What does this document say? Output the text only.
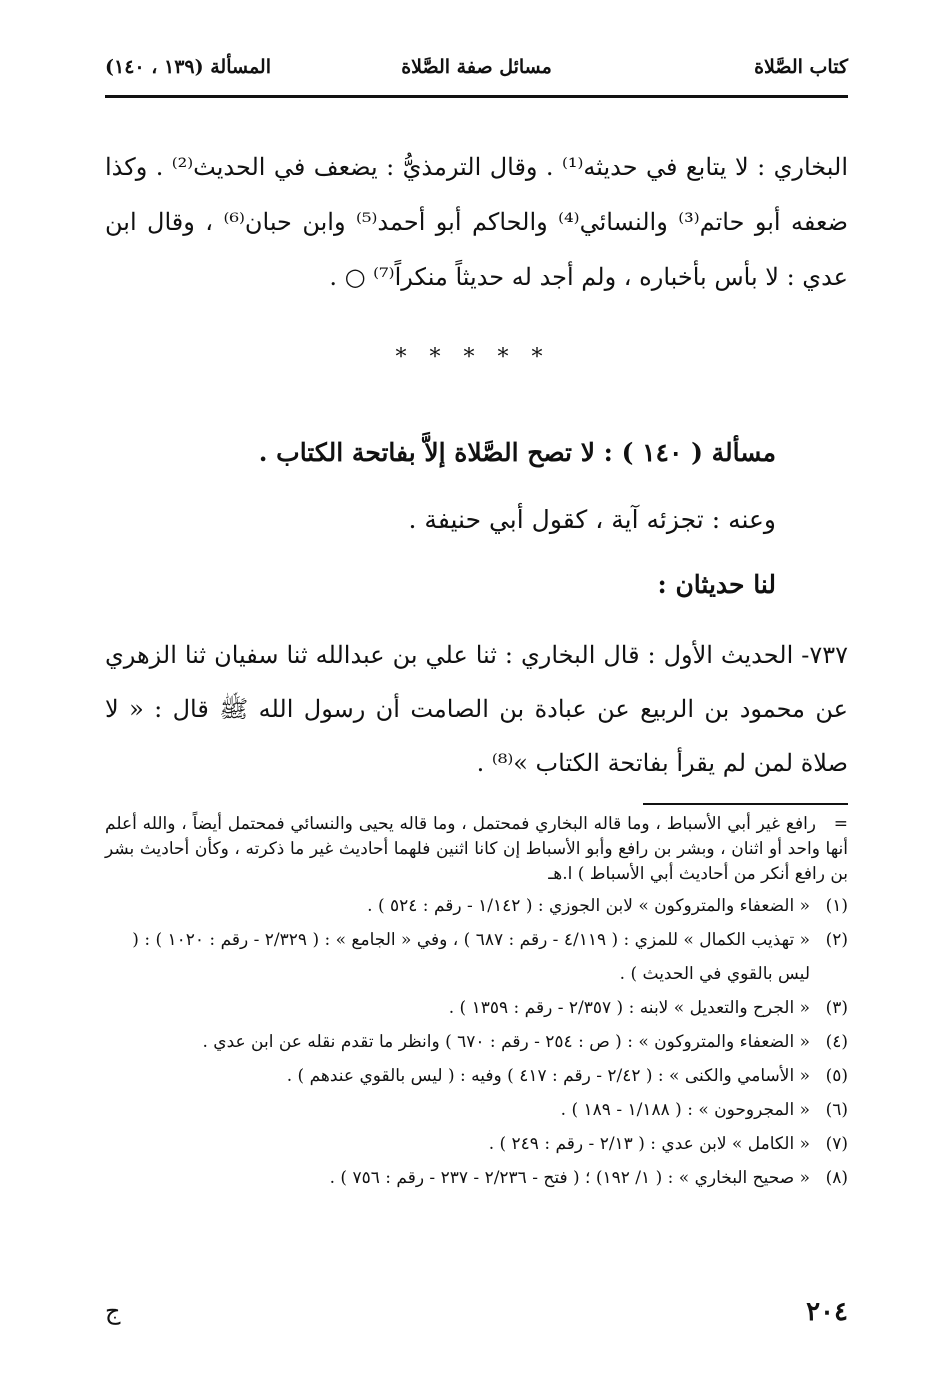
كتاب الصَّلاة
مسائل صفة الصَّلاة
المسألة (١٣٩ ، ١٤٠)
البخاري : لا يتابع في حديثه⁽¹⁾ . وقال الترمذيُّ : يضعف في الحديث⁽²⁾ . وكذا ضعفه أبو حاتم⁽³⁾ والنسائي⁽⁴⁾ والحاكم أبو أحمد⁽⁵⁾ وابن حبان⁽⁶⁾ ، وقال ابن عدي : لا بأس بأخباره ، ولم أجد له حديثاً منكراً⁽⁷⁾ ○ .
* * * * *
مسألة ( ١٤٠ ) : لا تصح الصَّلاة إلاَّ بفاتحة الكتاب .
وعنه : تجزئه آية ، كقول أبي حنيفة .
لنا حديثان :
٧٣٧- الحديث الأول : قال البخاري : ثنا علي بن عبدالله ثنا سفيان ثنا الزهري عن محمود بن الربيع عن عبادة بن الصامت أن رسول الله ﷺ قال : « لا صلاة لمن لم يقرأ بفاتحة الكتاب »⁽⁸⁾ .

=رافع غير أبي الأسباط ، وما قاله البخاري فمحتمل ، وما قاله يحيى والنسائي فمحتمل أيضاً ، والله أعلم أنها واحد أو اثنان ، وبشر بن رافع وأبو الأسباط إن كانا اثنين فلهما أحاديث غير ما ذكرته ، وكأن أحاديث بشر بن رافع أنكر من أحاديث أبي الأسباط ) ا.هـ

(١)
« الضعفاء والمتروكون » لابن الجوزي : ( ١/١٤٢ - رقم : ٥٢٤ ) .

(٢)
« تهذيب الكمال » للمزي : ( ٤/١١٩ - رقم : ٦٨٧ ) ، وفي « الجامع » : ( ٢/٣٢٩ - رقم : ١٠٢٠ ) : ( ليس بالقوي في الحديث ) .

(٣)
« الجرح والتعديل » لابنه : ( ٢/٣٥٧ - رقم : ١٣٥٩ ) .

(٤)
« الضعفاء والمتروكون » : ( ص : ٢٥٤ - رقم : ٦٧٠ ) وانظر ما تقدم نقله عن ابن عدي .

(٥)
« الأسامي والكنى » : ( ٢/٤٢ - رقم : ٤١٧ ) وفيه : ( ليس بالقوي عندهم ) .

(٦)
« المجروحون » : ( ١/١٨٨ - ١٨٩ ) .

(٧)
« الكامل » لابن عدي : ( ٢/١٣ - رقم : ٢٤٩ ) .

(٨)
« صحيح البخاري » : ( ١/ ١٩٢) ؛ ( فتح - ٢/٢٣٦ - ٢٣٧ - رقم : ٧٥٦ ) .

٢٠٤
ج
